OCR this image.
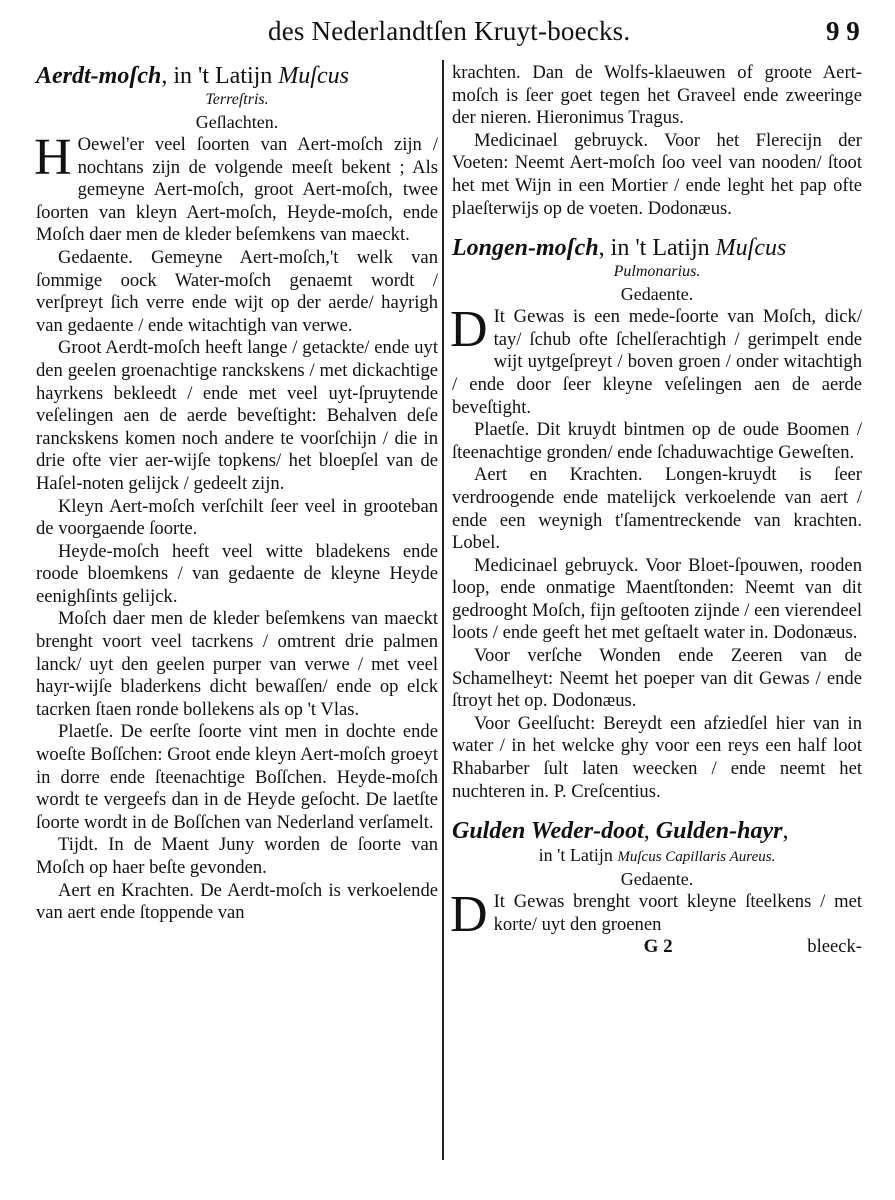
des Nederlandtſen Kruyt-boecks.	9 9

Aerdt-moſch, in 't Latijn Muſcus

Terreſtris.

Geſlachten.

H Oewel'er veel ſoorten van Aert-moſch zijn / nochtans zijn de volgende meeſt bekent ; Als gemeyne Aert-moſch, groot Aert-moſch, twee ſoorten van kleyn Aert-moſch, Heyde-moſch, ende Moſch daer men de kleder beſemkens van maeckt.

Gedaente. Gemeyne Aert-moſch,'t welk van ſommige oock Water-moſch genaemt wordt / verſpreyt ſich verre ende wijt op der aerde/ hayrigh van gedaente / ende witachtigh van verwe.

Groot Aerdt-moſch heeft lange / getackte/ ende uyt den geelen groenachtige ranckskens / met dickachtige hayrkens bekleedt / ende met veel uyt-ſpruytende veſelingen aen de aerde beveſtight: Behalven deſe ranckskens komen noch andere te voorſchijn / die in drie ofte vier aer-wijſe topkens/ het bloepſel van de Haſel-noten gelijck / gedeelt zijn.

Kleyn Aert-moſch verſchilt ſeer veel in grooteban de voorgaende ſoorte.

Heyde-moſch heeft veel witte bladekens ende roode bloemkens / van gedaente de kleyne Heyde eenighſints gelijck.

Moſch daer men de kleder beſemkens van maeckt brenght voort veel tacrkens / omtrent drie palmen lanck/ uyt den geelen purper van verwe / met veel hayr-wijſe bladerkens dicht bewaſſen/ ende op elck tacrken ſtaen ronde bollekens als op 't Vlas.

Plaetſe. De eerſte ſoorte vint men in dochte ende woeſte Boſſchen: Groot ende kleyn Aert-moſch groeyt in dorre ende ſteenachtige Boſſchen. Heyde-moſch wordt te vergeefs dan in de Heyde geſocht. De laetſte ſoorte wordt in de Boſſchen van Nederland verſamelt.

Tijdt. In de Maent Juny worden de ſoorte van Moſch op haer beſte gevonden.

Aert en Krachten. De Aerdt-moſch is verkoelende van aert ende ſtoppende van

krachten. Dan de Wolfs-klaeuwen of groote Aert-moſch is ſeer goet tegen het Graveel ende zweeringe der nieren. Hieronimus Tragus.

Medicinael gebruyck. Voor het Flerecijn der Voeten: Neemt Aert-moſch ſoo veel van nooden/ ſtoot het met Wijn in een Mortier / ende leght het pap ofte plaeſterwijs op de voeten. Dodonæus.

Longen-moſch, in 't Latijn Muſcus

Pulmonarius.

Gedaente.

D It Gewas is een mede-ſoorte van Moſch, dick/ tay/ ſchub ofte ſchelſerachtigh / gerimpelt ende wijt uytgeſpreyt / boven groen / onder witachtigh / ende door ſeer kleyne veſelingen aen de aerde beveſtight.

Plaetſe. Dit kruydt bintmen op de oude Boomen / ſteenachtige gronden/ ende ſchaduwachtige Geweſten.

Aert en Krachten. Longen-kruydt is ſeer verdroogende ende matelijck verkoelende van aert / ende een weynigh t'ſamentreckende van krachten. Lobel.

Medicinael gebruyck. Voor Bloet-ſpouwen, rooden loop, ende onmatige Maentſtonden: Neemt van dit gedrooght Moſch, fijn geſtooten zijnde / een vierendeel loots / ende geeft het met geſtaelt water in. Dodonæus.

Voor verſche Wonden ende Zeeren van de Schamelheyt: Neemt het poeper van dit Gewas / ende ſtroyt het op. Dodonæus.

Voor Geelſucht: Bereydt een afziedſel hier van in water / in het welcke ghy voor een reys een half loot Rhabarber ſult laten weecken / ende neemt het nuchteren in. P. Creſcentius.

Gulden Weder-doot, Gulden-hayr,

in 't Latijn Muſcus Capillaris Aureus.

Gedaente.

D It Gewas brenght voort kleyne ſteelkens / met korte/ uyt den groenen

G 2	bleeck-
